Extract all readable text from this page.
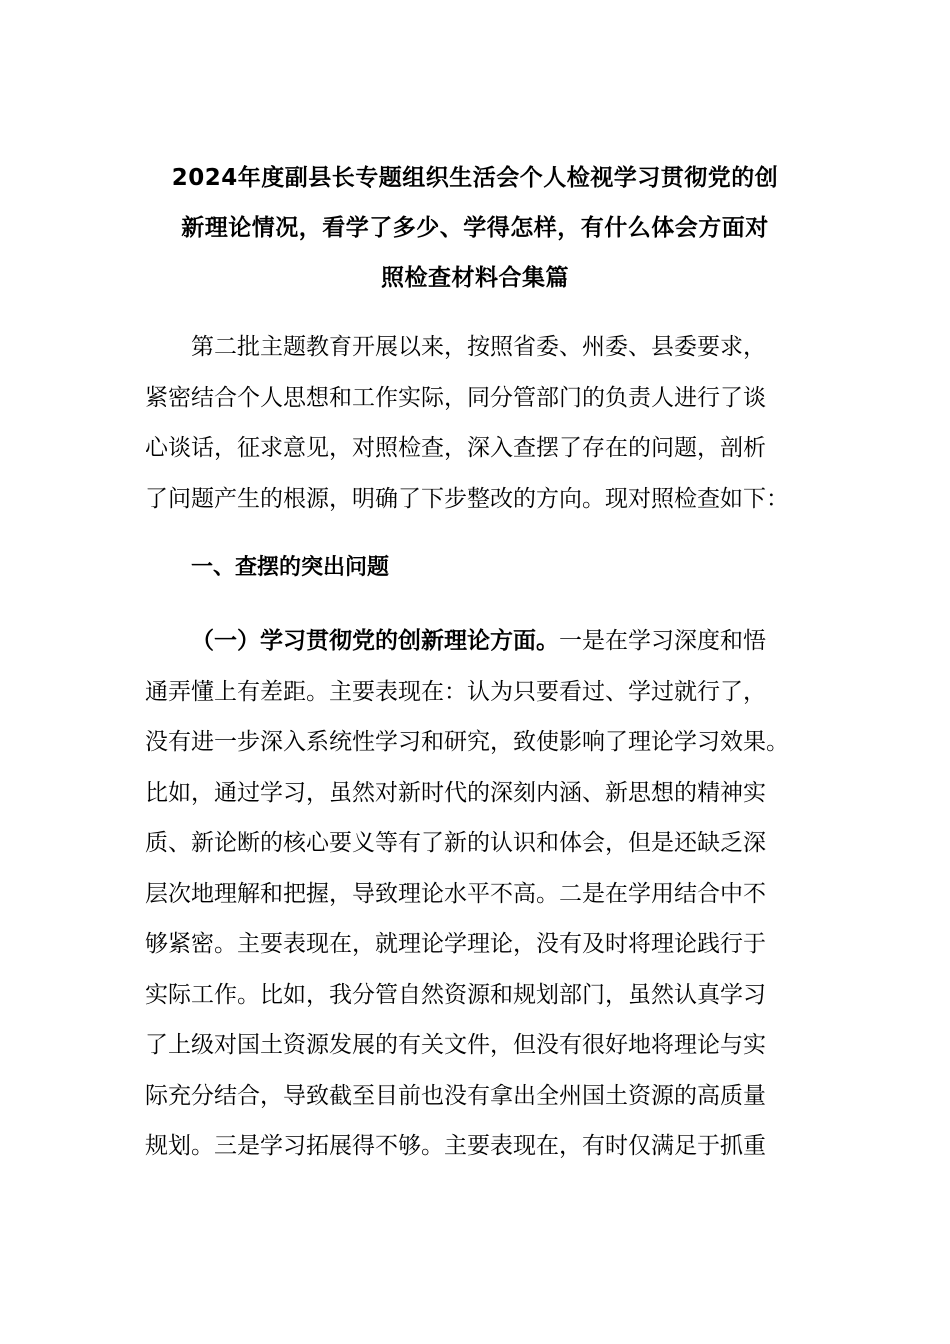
2024年度副县长专题组织生活会个人检视学习贯彻党的创
新理论情况，看学了多少、学得怎样，有什么体会方面对
照检查材料合集篇
第二批主题教育开展以来，按照省委、州委、县委要求，
紧密结合个人思想和工作实际，同分管部门的负责人进行了谈
心谈话，征求意见，对照检查，深入查摆了存在的问题，剖析
了问题产生的根源，明确了下步整改的方向。现对照检查如下：
一、查摆的突出问题
（一）学习贯彻党的创新理论方面。一是在学习深度和悟
通弄懂上有差距。主要表现在：认为只要看过、学过就行了，
没有进一步深入系统性学习和研究，致使影响了理论学习效果。
比如，通过学习，虽然对新时代的深刻内涵、新思想的精神实
质、新论断的核心要义等有了新的认识和体会，但是还缺乏深
层次地理解和把握，导致理论水平不高。二是在学用结合中不
够紧密。主要表现在，就理论学理论，没有及时将理论践行于
实际工作。比如，我分管自然资源和规划部门，虽然认真学习
了上级对国土资源发展的有关文件，但没有很好地将理论与实
际充分结合，导致截至目前也没有拿出全州国土资源的高质量
规划。三是学习拓展得不够。主要表现在，有时仅满足于抓重
